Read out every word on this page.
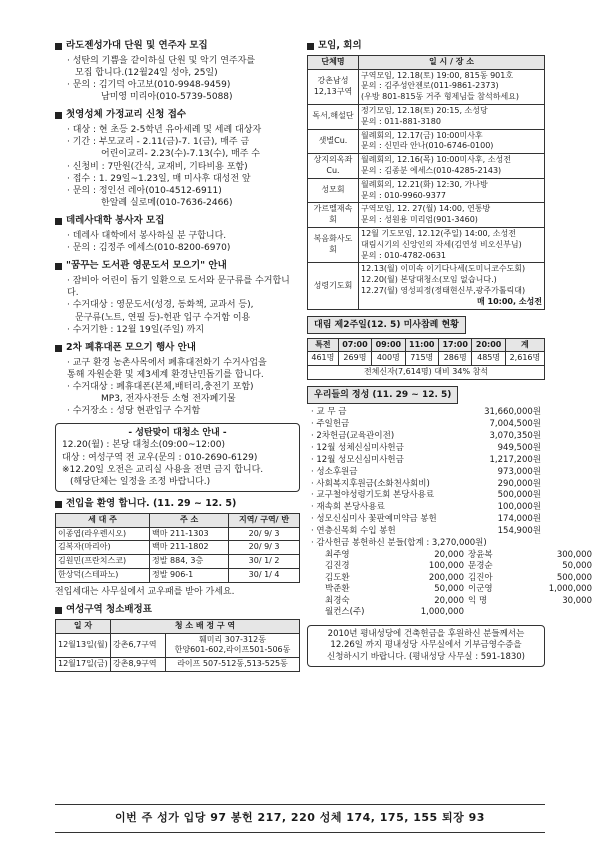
라도젠성가대 단원 및 연주자 모집
· 성탄의 기쁨을 같이하실 단원 및 악기 연주자를
모집 합니다.(12월24일 성야, 25일)
· 문의 : 김기덕 아고보(010-9948-9459)
남미영 미리아(010-5739-5088)
첫영성체 가정교리 신청 접수
· 대상 : 현 초등 2-5학년 유아세례 및 세례 대상자
· 기간 : 부모교리 - 2.11(금)-7. 1(금), 매주 금
어린이교리- 2.23(수)-7.13(수), 매주 수
· 신청비 : 7만원(간식, 교재비, 기타비용 포함)
· 접수 : 1. 29일~1.23일, 매 미사후 대성전 앞
· 문의 : 정인선 레아(010-4512-6911)
한알례 실로메(010-7636-2466)
데레사대학 봉사자 모집
· 데레사 대학에서 봉사하실 분 구합니다.
· 문의 : 김정주 에세스(010-8200-6970)
"꿈꾸는 도서관 영문도서 모으기" 안내
· 잠비아 어린이 돕기 일환으로 도서와 문구류를 수거합니다.
· 수거대상 : 영문도서(성경, 동화책, 교과서 등),
문구류(노트, 연필 등)-헌관 입구 수거함 이용
· 수거기한 : 12월 19일(주일) 까지
2차 폐휴대폰 모으기 행사 안내
· 교구 환경 농촌사목에서 폐휴대전화기 수거사업을
통해 자원순환 및 제3세계 환경난민돕기를 합니다.
· 수거대상 : 폐휴대폰(본체,배터리,충전기 포함)
MP3, 전자사전등 소형 전자폐기물
· 수거장소 : 성당 현관입구 수거함
- 성탄맞이 대청소 안내 -
12.20(월) : 본당 대청소(09:00~12:00)
대상 : 여성구역 전 교우(문의 : 010-2690-6129)
※12.20일 오전은 교리실 사용을 전면 금지 합니다.
(해당단체는 일정을 조정 바랍니다.)
전입을 환영 합니다. (11. 29 ~ 12. 5)
세 대 주	주 소	지역/ 구역/ 반
이종엽(라우렌시오)	백마 211-1303	20/ 9/ 3
김복자(마리아)	백마 211-1802	20/ 9/ 3
김원민(프란치스코)	정발 884, 3층	30/ 1/ 2
한상덕(스테파노)	정발 906-1	30/ 1/ 4
전입세대는 사무실에서 교우패를 받아 가세요.
여성구역 청소배정표
일 자	청 소 배 정 구 역	
12월13일(월)	강촌6,7구역	훼미리 307-312동
한양601-602,라이프501-506동

12월17일(금)	강촌8,9구역	라이프 507-512동,513-525동
모임, 회의
단체명	일 시 / 장 소
강촌남성 12,13구역	구역모임, 12.18(토) 19:00, 815동 901호
문의 : 김주성안젠로(011-9861-2373)
(우방 801-815동 거주 형제님들 참석하세요)

독서,해설단	정기모임, 12.18(토) 20:15, 소성당
문의 : 011-881-3180

샛별Cu.	월례회의, 12.17(금) 10:00미사후
문의 : 신민라 안나(010-6746-0100)

상지의옥좌 Cu.	월례회의, 12.16(목) 10:00미사후, 소성전
문의 : 김종분 에세스(010-4285-2143)

성모회	월례회의, 12.21(화) 12:30, 가나방
문의 : 010-9960-9377

가르멜재속회	구역모임, 12. 27(월) 14:00, 연통방
문의 : 성원용 미리엄(901-3460)

복음화사도회	12월 기도모임, 12.12(주일) 14:00, 소성전
대림시기의 신앙인의 자세(김연성 비오신부님)
문의 : 010-4782-0631

성령기도회	12.13(월) 이미속 이기다나세(도미니코수도회)
12.20(월) 본당대청소(모임 없습니다.)
12.27(월) 영성피정(정태현신부,광주가톨릭대)
매 10:00, 소성전
대림 제2주일(12. 5) 미사참례 현황
특전	07:00	09:00	11:00	17:00	20:00	계
461명	269명	400명	715명	286명	485명	2,616명
전체신자(7,614명) 대비 34% 참석						
우리들의 정성 (11. 29 ~ 12. 5)
· 교 무 금	31,660,000원
· 주일헌금	7,004,500원
· 2차헌금(교육관이전)	3,070,350원
· 12월 성체신심미사헌금	949,500원
· 12월 성모신심미사헌금	1,217,200원
· 성소후원금	973,000원
· 사회복지후원금(소화천사회비)	290,000원
· 교구철야성령기도회 본당사용료	500,000원
· 재속회 본당사용료	100,000원
· 성모신심미사 꽃판예미약금 봉헌	174,000원
· 연층신목회 수입 봉헌	154,900원
· 감사헌금 봉헌하신 분들(합계 : 3,270,000원)
최주영	20,000 장윤복	300,000
김진경	100,000 문경순	50,000
김도환	200,000 김진아	500,000
박준환	50,000 이군영	1,000,000
최경숙	20,000 익 명	30,000
월컨스(주)	1,000,000
2010년 평내성당에 건축헌금을 후원하신 분들께서는
12.26일 까지 평내성당 사무실에서 기부금영수증을
신청하시기 바랍니다. (평내성당 사무실 : 591-1830)
이번 주 성가 입당 97 봉헌 217, 220 성체 174, 175, 155 퇴장 93
